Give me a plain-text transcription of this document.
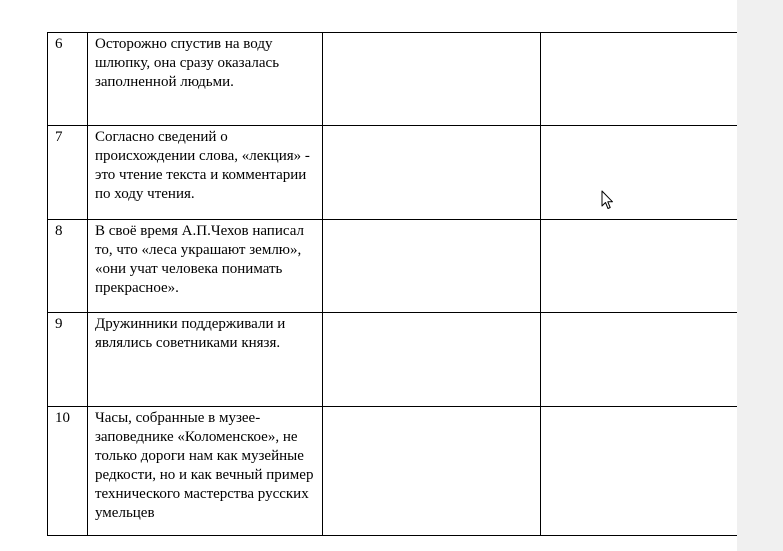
6	Осторожно спустив на воду шлюпку, она сразу оказалась заполненной людьми.		
7	Согласно сведений о происхождении слова, «лекция» - это чтение текста и комментарии по ходу чтения.		
8	В своё время А.П.Чехов написал то, что «леса украшают землю», «они учат человека понимать прекрасное».		
9	Дружинники поддерживали и являлись советниками князя.		
10	Часы, собранные в музее-заповеднике «Коломенское», не только дороги нам как музейные редкости, но и как вечный пример технического мастерства русских умельцев		
